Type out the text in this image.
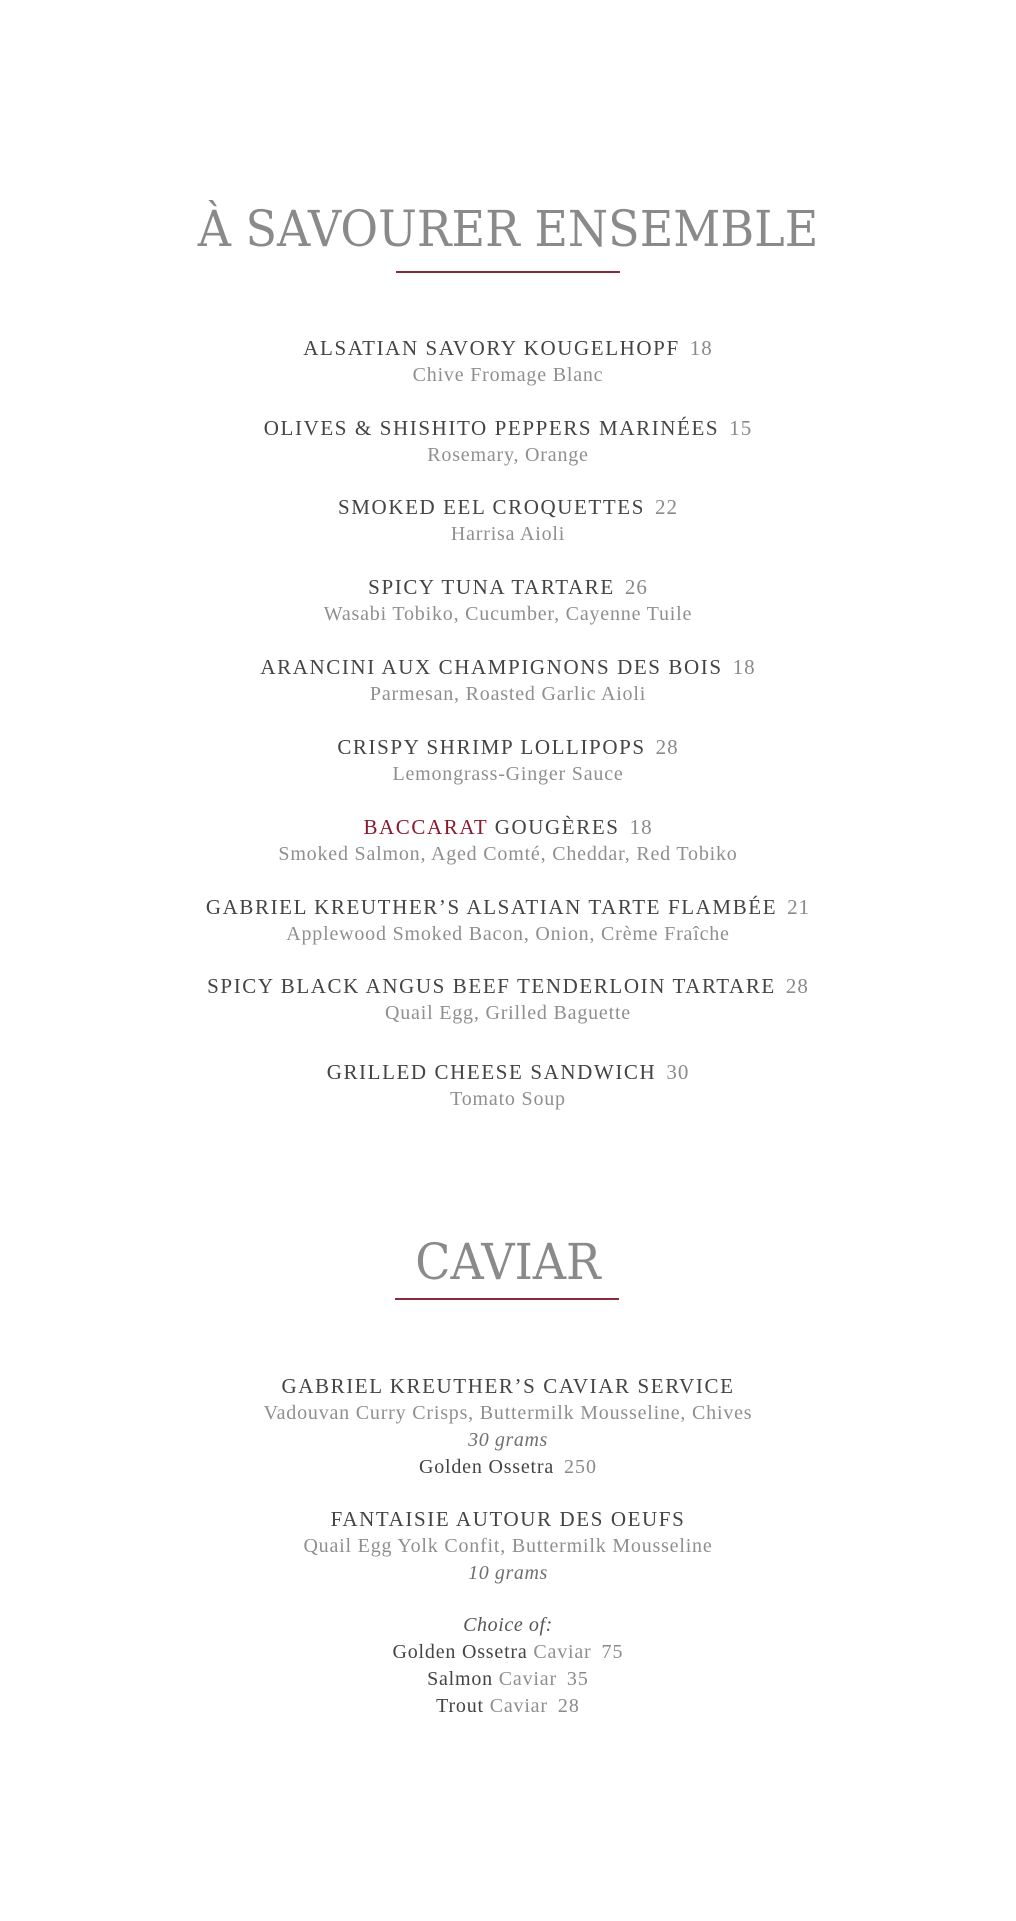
À SAVOURER ENSEMBLE
ALSATIAN SAVORY KOUGELHOPF 18
Chive Fromage Blanc
OLIVES & SHISHITO PEPPERS MARINÉES 15
Rosemary, Orange
SMOKED EEL CROQUETTES 22
Harrisa Aioli
SPICY TUNA TARTARE 26
Wasabi Tobiko, Cucumber, Cayenne Tuile
ARANCINI AUX CHAMPIGNONS DES BOIS 18
Parmesan, Roasted Garlic Aioli
CRISPY SHRIMP LOLLIPOPS 28
Lemongrass-Ginger Sauce
BACCARAT GOUGÈRES 18
Smoked Salmon, Aged Comté, Cheddar, Red Tobiko
GABRIEL KREUTHER’S ALSATIAN TARTE FLAMBÉE 21
Applewood Smoked Bacon, Onion, Crème Fraîche
SPICY BLACK ANGUS BEEF TENDERLOIN TARTARE 28
Quail Egg, Grilled Baguette
GRILLED CHEESE SANDWICH 30
Tomato Soup
CAVIAR
GABRIEL KREUTHER’S CAVIAR SERVICE
Vadouvan Curry Crisps, Buttermilk Mousseline, Chives
30 grams
Golden Ossetra 250
FANTAISIE AUTOUR DES OEUFS
Quail Egg Yolk Confit, Buttermilk Mousseline
10 grams
Choice of:
Golden Ossetra Caviar 75
Salmon Caviar 35
Trout Caviar 28
